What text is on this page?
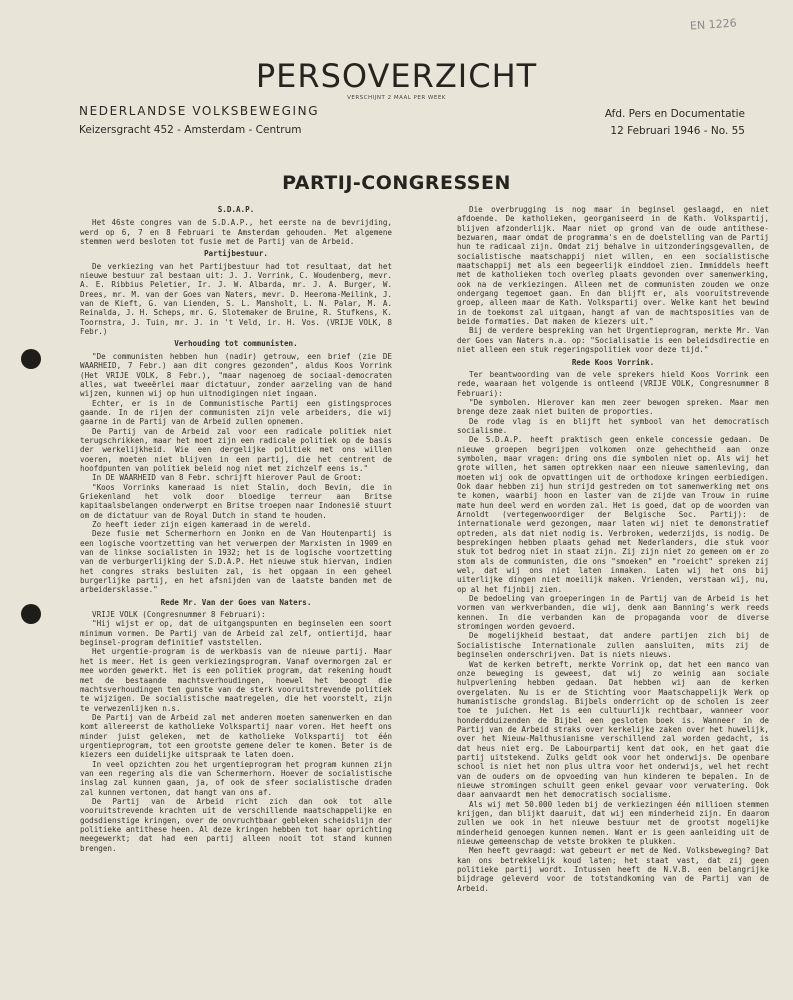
EN 1226
PERSOVERZICHT
VERSCHIJNT 2 MAAL PER WEEK
NEDERLANDSE VOLKSBEWEGING
Keizersgracht 452 - Amsterdam - Centrum
Afd. Pers en Documentatie
12 Februari 1946 - No. 55
PARTIJ-CONGRESSEN

S.D.A.P.

Het 46ste congres van de S.D.A.P., het eerste na de bevrijding, werd op 6, 7 en 8 Februari te Amsterdam gehouden. Met algemene stemmen werd besloten tot fusie met de Partij van de Arbeid.

Partijbestuur.

De verkiezing van het Partijbestuur had tot resultaat, dat het nieuwe bestuur zal bestaan uit: J. J. Vorrink, C. Woudenberg, mevr. A. E. Ribbius Peletier, Ir. J. W. Albarda, mr. J. A. Burger, W. Drees, mr. M. van der Goes van Naters, mevr. D. Heeroma-Meilink, J. van de Kieft, G. van Lienden, S. L. Mansholt, L. N. Palar, M. A. Reinalda, J. H. Scheps, mr. G. Slotemaker de Bruine, R. Stufkens, K. Toornstra, J. Tuin, mr. J. in 't Veld, ir. H. Vos. (VRIJE VOLK, 8 Febr.)

Verhouding tot communisten.

"De communisten hebben hun (nadir) getrouw, een brief (zie DE WAARHEID, 7 Febr.) aan dit congres gezonden", aldus Koos Vorrink (Het VRIJE VOLK, 8 Febr.), "maar nagenoeg de sociaal-democraten alles, wat tweeërlei maar dictatuur, zonder aarzeling van de hand wijzen, kunnen wij op hun uitnodigingen niet ingaan.

Echter, er is in de Communistische Partij een gistingsproces gaande. In de rijen der communisten zijn vele arbeiders, die wij gaarne in de Partij van de Arbeid zullen opnemen.

De Partij van de Arbeid zal voor een radicale politiek niet terugschrikken, maar het moet zijn een radicale politiek op de basis der werkelijkheid. Wie een dergelijke politiek met ons willen voeren, moeten niet blijven in een partij, die het centrent de hoofdpunten van politiek beleid nog niet met zichzelf eens is."

In DE WAARHEID van 8 Febr. schrijft hierover Paul de Groot:

"Koos Vorrinks kameraad is niet Stalin, doch Bevin, die in Griekenland het volk door bloedige terreur aan Britse kapitaalsbelangen onderwerpt en Britse troepen naar Indonesië stuurt om de dictatuur van de Royal Dutch in stand te houden.

Zo heeft ieder zijn eigen kameraad in de wereld.

Deze fusie met Schermerhorn en Jonkn en de Van Houtenpartij is een logische voortzetting van het verwerpen der Marxisten in 1909 en van de linkse socialisten in 1932; het is de logische voortzetting van de verburgerlijking der S.D.A.P. Het nieuwe stuk hiervan, indien het congres straks besluiten zal, is het opgaan in een geheel burgerlijke partij, en het afsnijden van de laatste banden met de arbeidersklasse."

Rede Mr. Van der Goes van Naters.

VRIJE VOLK (Congresnummer 8 Februari):

"Hij wijst er op, dat de uitgangspunten en beginselen een soort minimum vormen. De Partij van de Arbeid zal zelf, ontiertijd, haar beginsel-program definitief vaststellen.

Het urgentie-program is de werkbasis van de nieuwe partij. Maar het is meer. Het is geen verkiezingsprogram. Vanaf overmorgen zal er mee worden gewerkt. Het is een politiek program, dat rekening houdt met de bestaande machtsverhoudingen, hoewel het beoogt die machtsverhoudingen ten gunste van de sterk vooruitstrevende politiek te wijzigen. De socialistische maatregelen, die het voorstelt, zijn te verwezenlijken n.s.

De Partij van de Arbeid zal met anderen moeten samenwerken en dan komt allereerst de katholieke Volkspartij naar voren. Het heeft ons minder juist geleken, met de katholieke Volkspartij tot één urgentieprogram, tot een grootste gemene deler te komen. Beter is de kiezers een duidelijke uitspraak te laten doen.

In veel opzichten zou het urgentieprogram het program kunnen zijn van een regering als die van Schermerhorn. Hoever de socialistische inslag zal kunnen gaan, ja, of ook de sfeer socialistische draden zal kunnen vertonen, dat hangt van ons af.

De Partij van de Arbeid richt zich dan ook tot alle vooruitstrevende krachten uit de verschillende maatschappelijke en godsdienstige kringen, over de onvruchtbaar gebleken scheidslijn der politieke antithese heen. Al deze kringen hebben tot haar oprichting meegewerkt; dat had een partij alleen nooit tot stand kunnen brengen.

Die overbrugging is nog maar in beginsel geslaagd, en niet afdoende. De katholieken, georganiseerd in de Kath. Volkspartij, blijven afzonderlijk. Maar niet op grond van de oude antithese-bezwaren, maar omdat de programma's en de doelstelling van de Partij hun te radicaal zijn. Omdat zij behalve in uitzonderingsgevallen, de socialistische maatschappij niet willen, en een socialistische maatschappij met als een begeerlijk einddoel zien. Immiddels heeft met de katholieken toch overleg plaats gevonden over samenwerking, ook na de verkiezingen. Alleen met de communisten zouden we onze ondergang tegemoet gaan. En dan blijft er, als vooruitstrevende groep, alleen maar de Kath. Volkspartij over. Welke kant het bewind in de toekomst zal uitgaan, hangt af van de machtsposities van de beide formaties. Dat maken de kiezers uit."

Bij de verdere bespreking van het Urgentieprogram, merkte Mr. Van der Goes van Naters n.a. op: "Socialisatie is een beleidsdirectie en niet alleen een stuk regeringspolitiek voor deze tijd."

Rede Koos Vorrink.

Ter beantwoording van de vele sprekers hield Koos Vorrink een rede, waaraan het volgende is ontleend (VRIJE VOLK, Congresnummer 8 Februari):

"De symbolen. Hierover kan men zeer bewogen spreken. Maar men brenge deze zaak niet buiten de proporties.

De rode vlag is en blijft het symbool van het democratisch socialisme.

De S.D.A.P. heeft praktisch geen enkele concessie gedaan. De nieuwe groepen begrijpen volkomen onze gehechtheid aan onze symbolen, maar vragen: dring ons die symbolen niet op. Als wij het grote willen, het samen optrekken naar een nieuwe samenleving, dan moeten wij ook de opvattingen uit de orthodoxe kringen eerbiedigen. Ook daar hebben zij hun strijd gestreden om tot samenwerking met ons te komen, waarbij hoon en laster van de zijde van Trouw in ruime mate hun deel werd en worden zal. Het is goed, dat op de woorden van Arnoldt (vertegenwoordiger der Belgische Soc. Partij): de internationale werd gezongen, maar laten wij niet te demonstratief optreden, als dat niet nodig is. Verbroken, wederzijds, is nodig. De besprekingen hebben plaats gehad met Nederlanders, die stuk voor stuk tot bedrog niet in staat zijn. Zij zijn niet zo gemeen om er zo stom als de communisten, die ons "smoeken" en "roeicht" spreken zij wel, dat wij ons niet laten inmaken. Laten wij het ons bij uiterlijke dingen niet moeilijk maken. Vrienden, verstaan wij, nu, op al het fijnbij zien.

De bedoeling van groeperingen in de Partij van de Arbeid is het vormen van werkverbanden, die wij, denk aan Banning's werk reeds kennen. In die verbanden kan de propaganda voor de diverse stromingen worden gevoerd.

De mogelijkheid bestaat, dat andere partijen zich bij de Socialistische Internationale zullen aansluiten, mits zij de beginselen onderschrijven. Dat is niets nieuws.

Wat de kerken betreft, merkte Vorrink op, dat het een manco van onze beweging is geweest, dat wij zo weinig aan sociale hulpverlening hebben gedaan. Dat hebben wij aan de kerken overgelaten. Nu is er de Stichting voor Maatschappelijk Werk op humanistische grondslag. Bijbels onderricht op de scholen is zeer toe te juichen. Het is een cultuurlijk rechtbaar, wanneer voor honderdduizenden de Bijbel een gesloten boek is. Wanneer in de Partij van de Arbeid straks over kerkelijke zaken over het huwelijk, over het Nieuw-Malthusianisme verschillend zal worden gedacht, is dat heus niet erg. De Labourpartij kent dat ook, en het gaat die partij uitstekend. Zulks geldt ook voor het onderwijs. De openbare school is niet het non plus ultra voor het onderwijs, wel het recht van de ouders om de opvoeding van hun kinderen te bepalen. In de nieuwe stromingen schuilt geen enkel gevaar voor verwatering. Ook daar aanvaardt men het democratisch socialisme.

Als wij met 50.000 leden bij de verkiezingen één millioen stemmen krijgen, dan blijkt daaruit, dat wij een minderheid zijn. En daarom zullen we ook in het nieuwe bestuur met de grootst mogelijke minderheid genoegen kunnen nemen. Want er is geen aanleiding uit de nieuwe gemeenschap de vetste brokken te plukken.

Men heeft gevraagd: wat gebeurt er met de Ned. Volksbeweging? Dat kan ons betrekkelijk koud laten; het staat vast, dat zij geen politieke partij wordt. Intussen heeft de N.V.B. een belangrijke bijdrage geleverd voor de totstandkoming van de Partij van de Arbeid.
